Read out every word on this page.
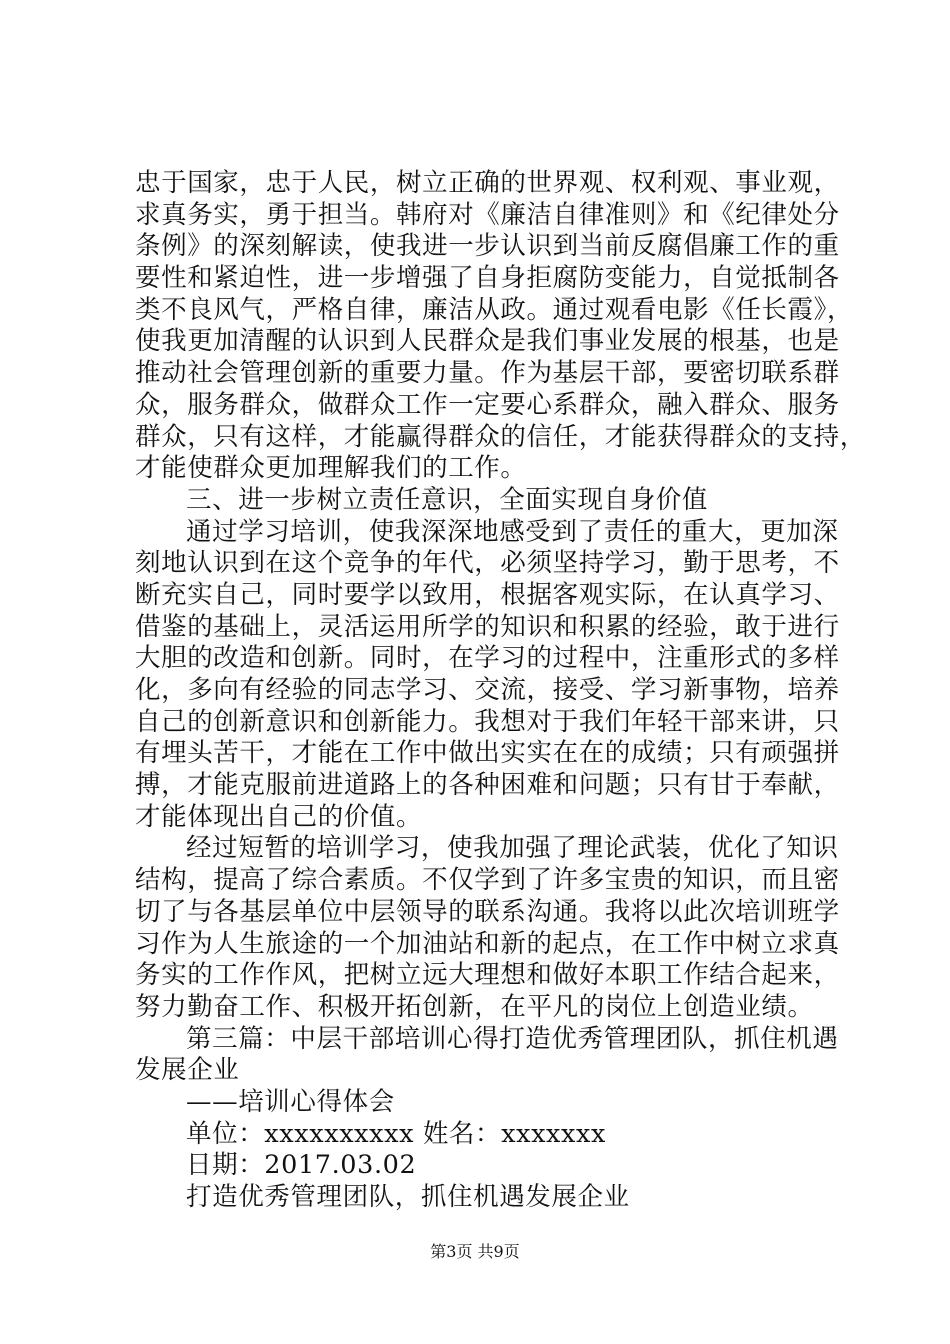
忠于国家，忠于人民，树立正确的世界观、权利观、事业观，
求真务实，勇于担当。韩府对《廉洁自律准则》和《纪律处分
条例》的深刻解读，使我进一步认识到当前反腐倡廉工作的重
要性和紧迫性，进一步增强了自身拒腐防变能力，自觉抵制各
类不良风气，严格自律，廉洁从政。通过观看电影《任长霞》，
使我更加清醒的认识到人民群众是我们事业发展的根基，也是
推动社会管理创新的重要力量。作为基层干部，要密切联系群
众，服务群众，做群众工作一定要心系群众，融入群众、服务
群众，只有这样，才能赢得群众的信任，才能获得群众的支持，
才能使群众更加理解我们的工作。
三、进一步树立责任意识，全面实现自身价值
通过学习培训，使我深深地感受到了责任的重大，更加深
刻地认识到在这个竞争的年代，必须坚持学习，勤于思考，不
断充实自己，同时要学以致用，根据客观实际，在认真学习、
借鉴的基础上，灵活运用所学的知识和积累的经验，敢于进行
大胆的改造和创新。同时，在学习的过程中，注重形式的多样
化，多向有经验的同志学习、交流，接受、学习新事物，培养
自己的创新意识和创新能力。我想对于我们年轻干部来讲，只
有埋头苦干，才能在工作中做出实实在在的成绩；只有顽强拼
搏，才能克服前进道路上的各种困难和问题；只有甘于奉献，
才能体现出自己的价值。
经过短暂的培训学习，使我加强了理论武装，优化了知识
结构，提高了综合素质。不仅学到了许多宝贵的知识，而且密
切了与各基层单位中层领导的联系沟通。我将以此次培训班学
习作为人生旅途的一个加油站和新的起点，在工作中树立求真
务实的工作作风，把树立远大理想和做好本职工作结合起来，
努力勤奋工作、积极开拓创新，在平凡的岗位上创造业绩。
第三篇：中层干部培训心得打造优秀管理团队，抓住机遇
发展企业
——培训心得体会
单位：xxxxxxxxxx 姓名：xxxxxxx
日期：2017.03.02
打造优秀管理团队，抓住机遇发展企业
第3页 共9页
